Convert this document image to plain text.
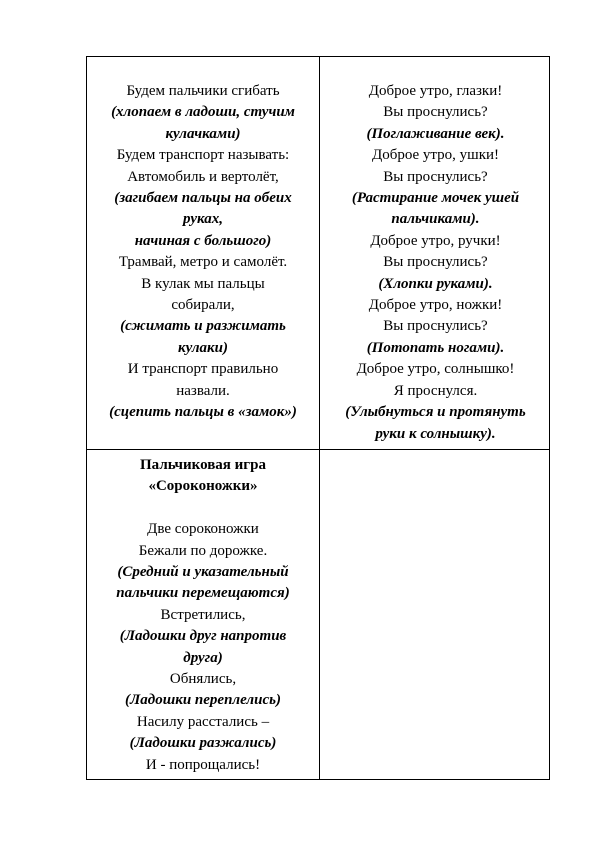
Будем пальчики сгибать
(хлопаем в ладоши, стучим
кулачками)
Будем транспорт называть:
Автомобиль и вертолёт,
(загибаем пальцы на обеих
руках,
начиная с большого)
Трамвай, метро и самолёт.
В кулак мы пальцы
собирали,
(сжимать и разжимать
кулаки)
И транспорт правильно
назвали.
(сцепить пальцы в «замок»)
Доброе утро, глазки!
Вы проснулись?
(Поглаживание век).
Доброе утро, ушки!
Вы проснулись?
(Растирание мочек ушей
пальчиками).
Доброе утро, ручки!
Вы проснулись?
(Хлопки руками).
Доброе утро, ножки!
Вы проснулись?
(Потопать ногами).
Доброе утро, солнышко!
Я проснулся.
(Улыбнуться и протянуть
руки к солнышку).
Пальчиковая игра
«Сороконожки»
Две сороконожки
Бежали по дорожке.
(Средний и указательный
пальчики перемещаются)
Встретились,
(Ладошки друг напротив
друга)
Обнялись,
(Ладошки переплелись)
Насилу расстались –
(Ладошки разжались)
И - попрощались!
